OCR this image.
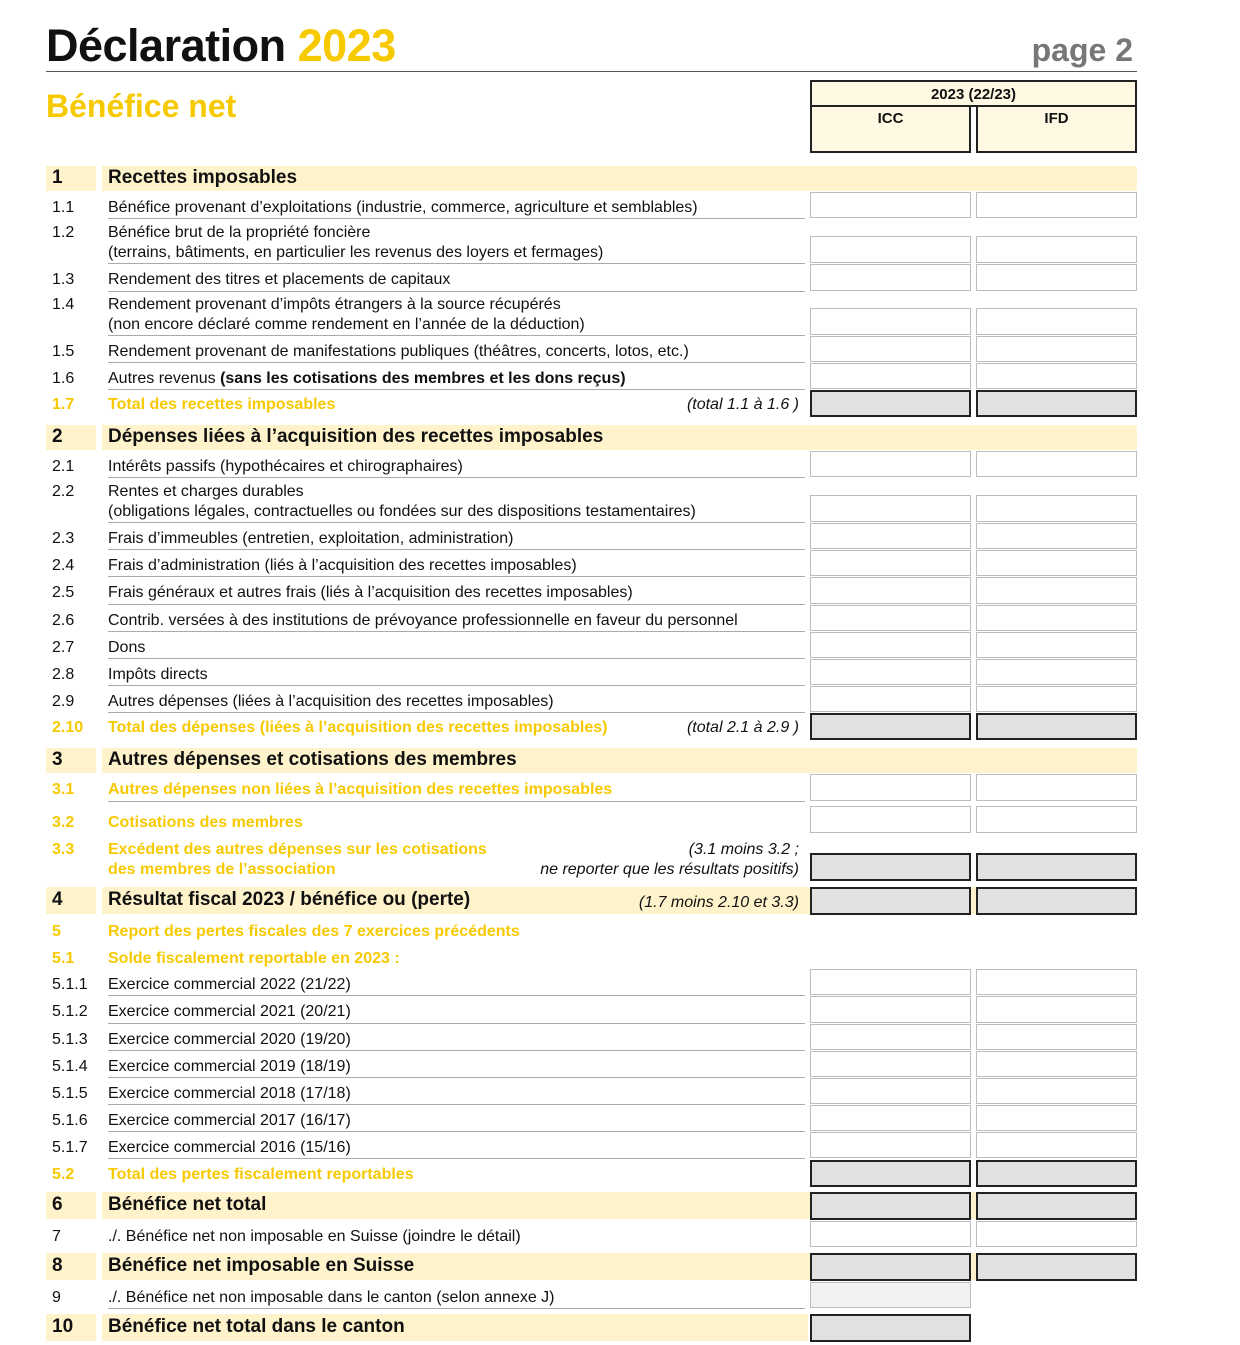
Déclaration 2023	page 2
Bénéfice net	2023 (22/23)
ICC	IFD
1 Recettes imposables
1.1 Bénéfice provenant d’exploitations (industrie, commerce, agriculture et semblables)
1.2 Bénéfice brut de la propriété foncière
(terrains, bâtiments, en particulier les revenus des loyers et fermages)
1.3 Rendement des titres et placements de capitaux
1.4 Rendement provenant d’impôts étrangers à la source récupérés
(non encore déclaré comme rendement en l’année de la déduction)
1.5 Rendement provenant de manifestations publiques (théâtres, concerts, lotos, etc.)
1.6 Autres revenus (sans les cotisations des membres et les dons reçus)
1.7 Total des recettes imposables	(total 1.1 à 1.6 )
2 Dépenses liées à l’acquisition des recettes imposables
2.1 Intérêts passifs (hypothécaires et chirographaires)
2.2 Rentes et charges durables
(obligations légales, contractuelles ou fondées sur des dispositions testamentaires)
2.3 Frais d’immeubles (entretien, exploitation, administration)
2.4 Frais d’administration (liés à l’acquisition des recettes imposables)
2.5 Frais généraux et autres frais (liés à l’acquisition des recettes imposables)
2.6 Contrib. versées à des institutions de prévoyance professionnelle en faveur du personnel
2.7 Dons
2.8 Impôts directs
2.9 Autres dépenses (liées à l’acquisition des recettes imposables)
2.10 Total des dépenses (liées à l’acquisition des recettes imposables)	(total 2.1 à 2.9 )
3 Autres dépenses et cotisations des membres
3.1 Autres dépenses non liées à l’acquisition des recettes imposables
3.2 Cotisations des membres
3.3 Excédent des autres dépenses sur les cotisations
des membres de l’association
(3.1 moins 3.2 ;
ne reporter que les résultats positifs)
4 Résultat fiscal 2023 / bénéfice ou (perte)	(1.7 moins 2.10 et 3.3)
5	Report des pertes fiscales des 7 exercices précédents
5.1 Solde fiscalement reportable en 2023 :
5.1.1 Exercice commercial 2022 (21/22)
5.1.2 Exercice commercial 2021 (20/21)
5.1.3 Exercice commercial 2020 (19/20)
5.1.4 Exercice commercial 2019 (18/19)
5.1.5 Exercice commercial 2018 (17/18)
5.1.6 Exercice commercial 2017 (16/17)
5.1.7 Exercice commercial 2016 (15/16)
5.2 Total des pertes fiscalement reportables
6 Bénéfice net total
7	./. Bénéfice net non imposable en Suisse (joindre le détail)
8 Bénéfice net imposable en Suisse
9	./. Bénéfice net non imposable dans le canton (selon annexe J)
10 Bénéfice net total dans le canton
